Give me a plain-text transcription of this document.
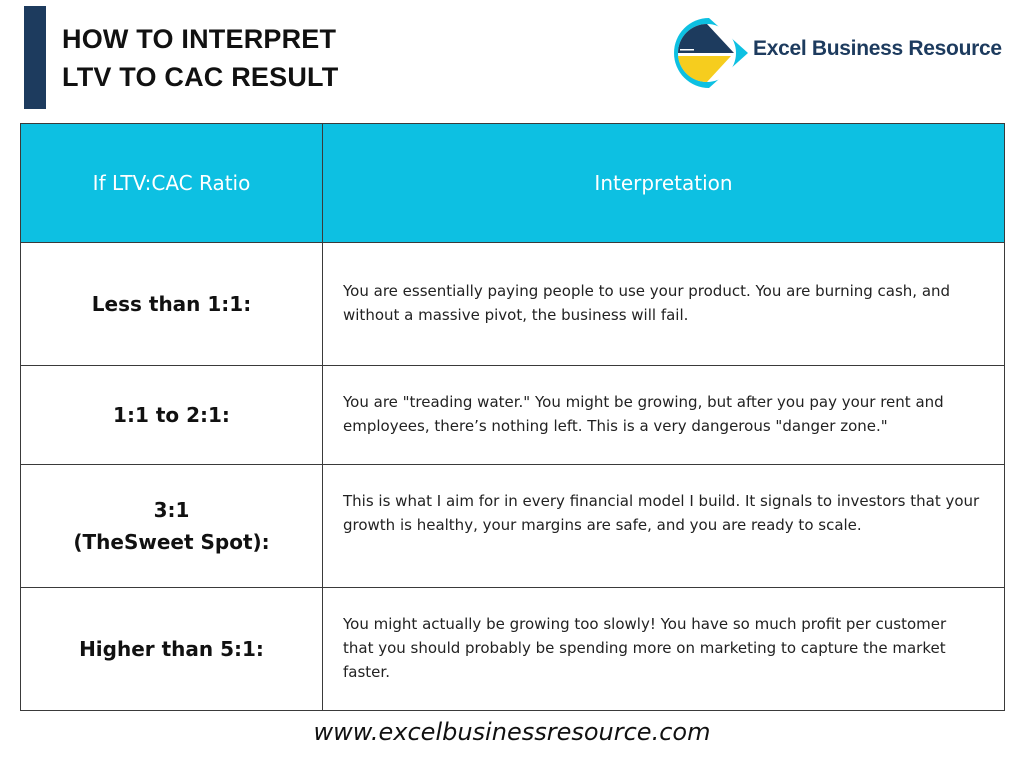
HOW TO INTERPRET
LTV TO CAC RESULT
Excel Business Resource
If LTV:CAC Ratio	Interpretation

Less than 1:1:	You are essentially paying people to use your product. You are burning cash, and without a massive pivot, the business will fail.

1:1 to 2:1:	You are "treading water." You might be growing, but after you pay your rent and employees, there’s nothing left. This is a very dangerous "danger zone."

3:1
(TheSweet Spot):	This is what I aim for in every financial model I build. It signals to investors that your growth is healthy, your margins are safe, and you are ready to scale.

Higher than 5:1:	You might actually be growing too slowly! You have so much profit per customer that you should probably be spending more on marketing to capture the market faster.
www.excelbusinessresource.com
